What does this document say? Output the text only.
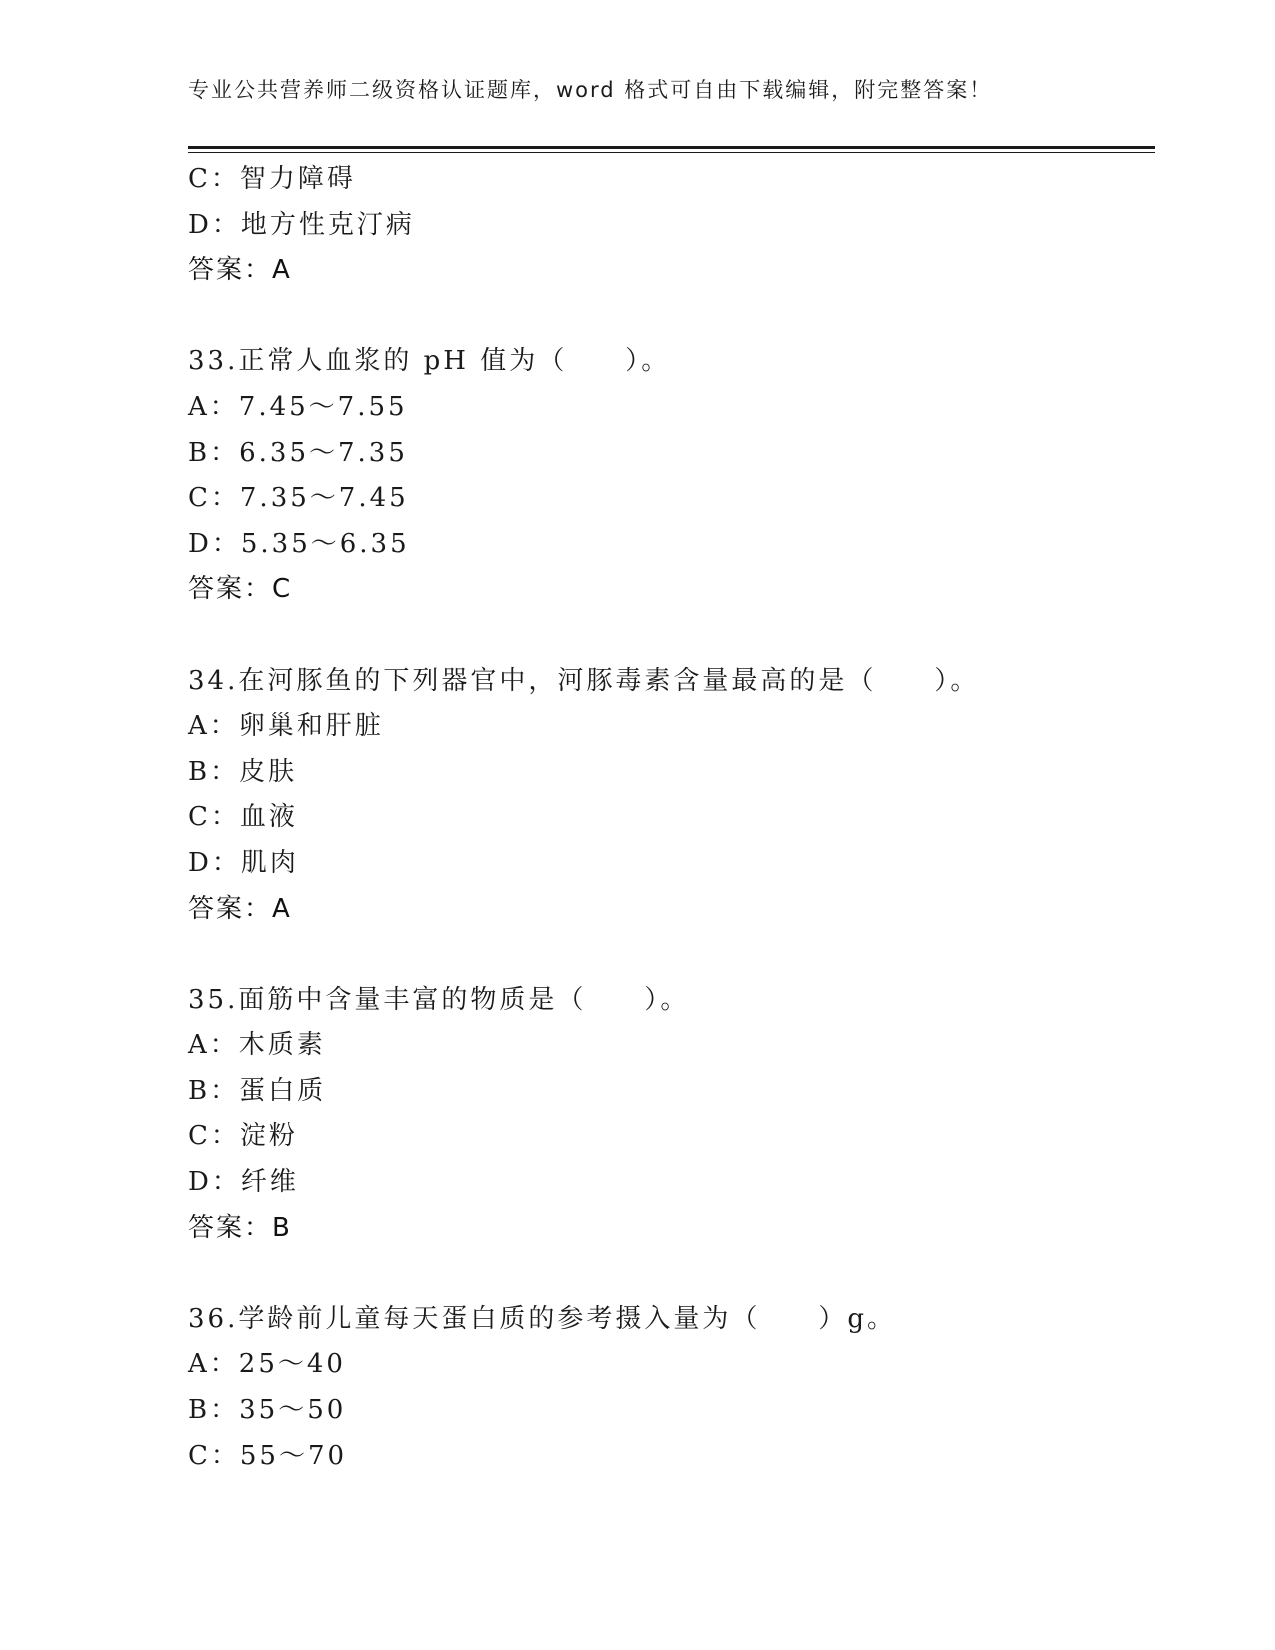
专业公共营养师二级资格认证题库，word 格式可自由下载编辑，附完整答案！
C：智力障碍
D：地方性克汀病
答案：A
33.正常人血浆的 pH 值为（　　）。
A：7.45～7.55
B：6.35～7.35
C：7.35～7.45
D：5.35～6.35
答案：C
34.在河豚鱼的下列器官中，河豚毒素含量最高的是（　　）。
A：卵巢和肝脏
B：皮肤
C：血液
D：肌肉
答案：A
35.面筋中含量丰富的物质是（　　）。
A：木质素
B：蛋白质
C：淀粉
D：纤维
答案：B
36.学龄前儿童每天蛋白质的参考摄入量为（　　）g。
A：25～40
B：35～50
C：55～70
